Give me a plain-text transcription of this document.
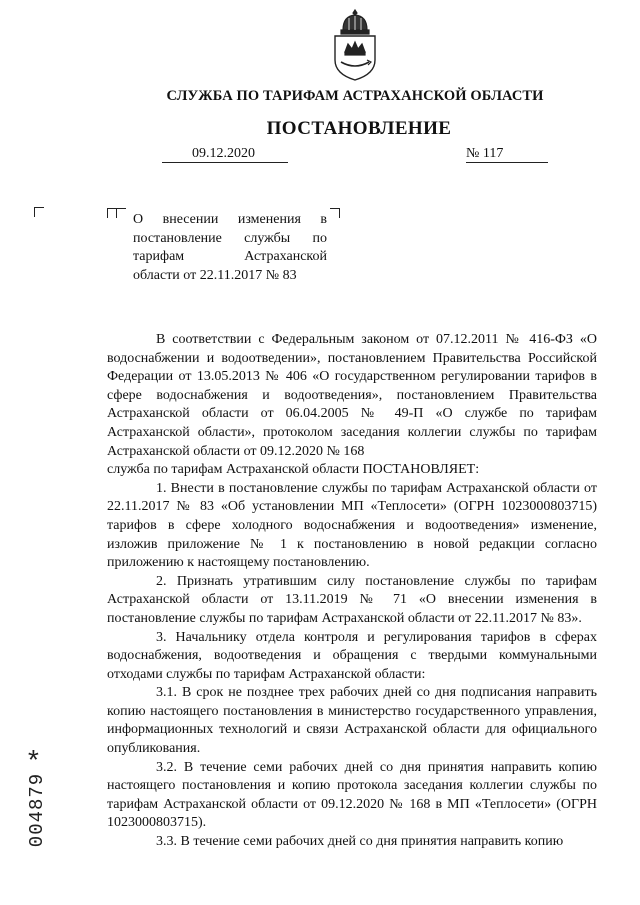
СЛУЖБА ПО ТАРИФАМ АСТРАХАНСКОЙ ОБЛАСТИ
ПОСТАНОВЛЕНИЕ
09.12.2020	№ 117
О внесении изменения в
постановление службы по
тарифам Астраханской
области от 22.11.2017 № 83

В соответствии с Федеральным законом от 07.12.2011 № 416-ФЗ «О водоснабжении и водоотведении», постановлением Правительства Российской Федерации от 13.05.2013 № 406 «О государственном регулировании тарифов в сфере водоснабжения и водоотведения», постановлением Правительства Астраханской области от 06.04.2005 № 49-П «О службе по тарифам Астраханской области», протоколом заседания коллегии службы по тарифам Астраханской области от 09.12.2020 № 168

служба по тарифам Астраханской области ПОСТАНОВЛЯЕТ:

1. Внести в постановление службы по тарифам Астраханской области от 22.11.2017 № 83 «Об установлении МП «Теплосети» (ОГРН 1023000803715) тарифов в сфере холодного водоснабжения и водоотведения» изменение, изложив приложение № 1 к постановлению в новой редакции согласно приложению к настоящему постановлению.

2. Признать утратившим силу постановление службы по тарифам Астраханской области от 13.11.2019 № 71 «О внесении изменения в постановление службы по тарифам Астраханской области от 22.11.2017 № 83».

3. Начальнику отдела контроля и регулирования тарифов в сферах водоснабжения, водоотведения и обращения с твердыми коммунальными отходами службы по тарифам Астраханской области:

3.1. В срок не позднее трех рабочих дней со дня подписания направить копию настоящего постановления в министерство государственного управления, информационных технологий и связи Астраханской области для официального опубликования.

3.2. В течение семи рабочих дней со дня принятия направить копию настоящего постановления и копию протокола заседания коллегии службы по тарифам Астраханской области от 09.12.2020 № 168 в МП «Теплосети» (ОГРН 1023000803715).

3.3. В течение семи рабочих дней со дня принятия направить копию

*
004879
